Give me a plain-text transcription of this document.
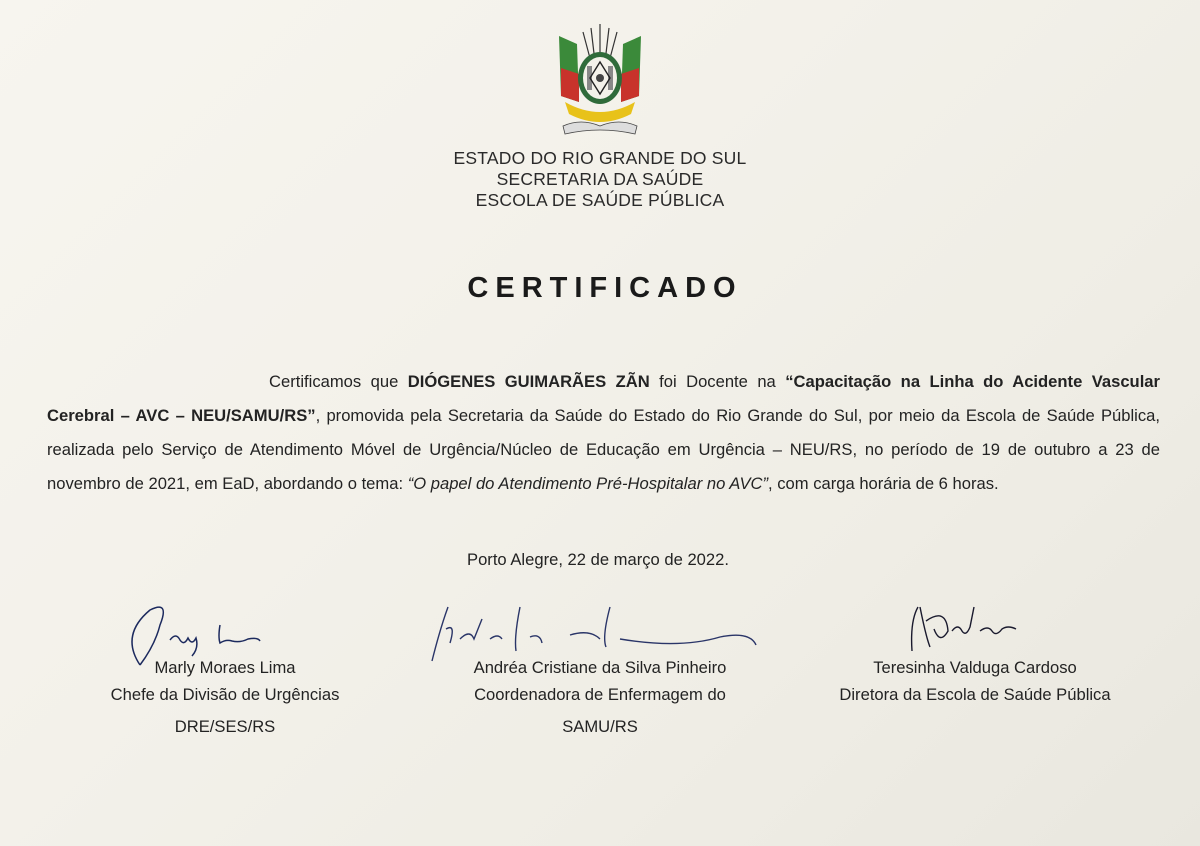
ESTADO DO RIO GRANDE DO SUL
SECRETARIA DA SAÚDE
ESCOLA DE SAÚDE PÚBLICA
CERTIFICADO
Certificamos que DIÓGENES GUIMARÃES ZÃN foi Docente na “Capacitação na Linha do Acidente Vascular Cerebral – AVC – NEU/SAMU/RS”, promovida pela Secretaria da Saúde do Estado do Rio Grande do Sul, por meio da Escola de Saúde Pública, realizada pelo Serviço de Atendimento Móvel de Urgência/Núcleo de Educação em Urgência – NEU/RS, no período de 19 de outubro a 23 de novembro de 2021, em EaD, abordando o tema: “O papel do Atendimento Pré-Hospitalar no AVC”, com carga horária de 6 horas.
Porto Alegre, 22 de março de 2022.
Marly Moraes Lima
Chefe da Divisão de Urgências
DRE/SES/RS
Andréa Cristiane da Silva Pinheiro
Coordenadora de Enfermagem do
SAMU/RS
Teresinha Valduga Cardoso
Diretora da Escola de Saúde Pública
